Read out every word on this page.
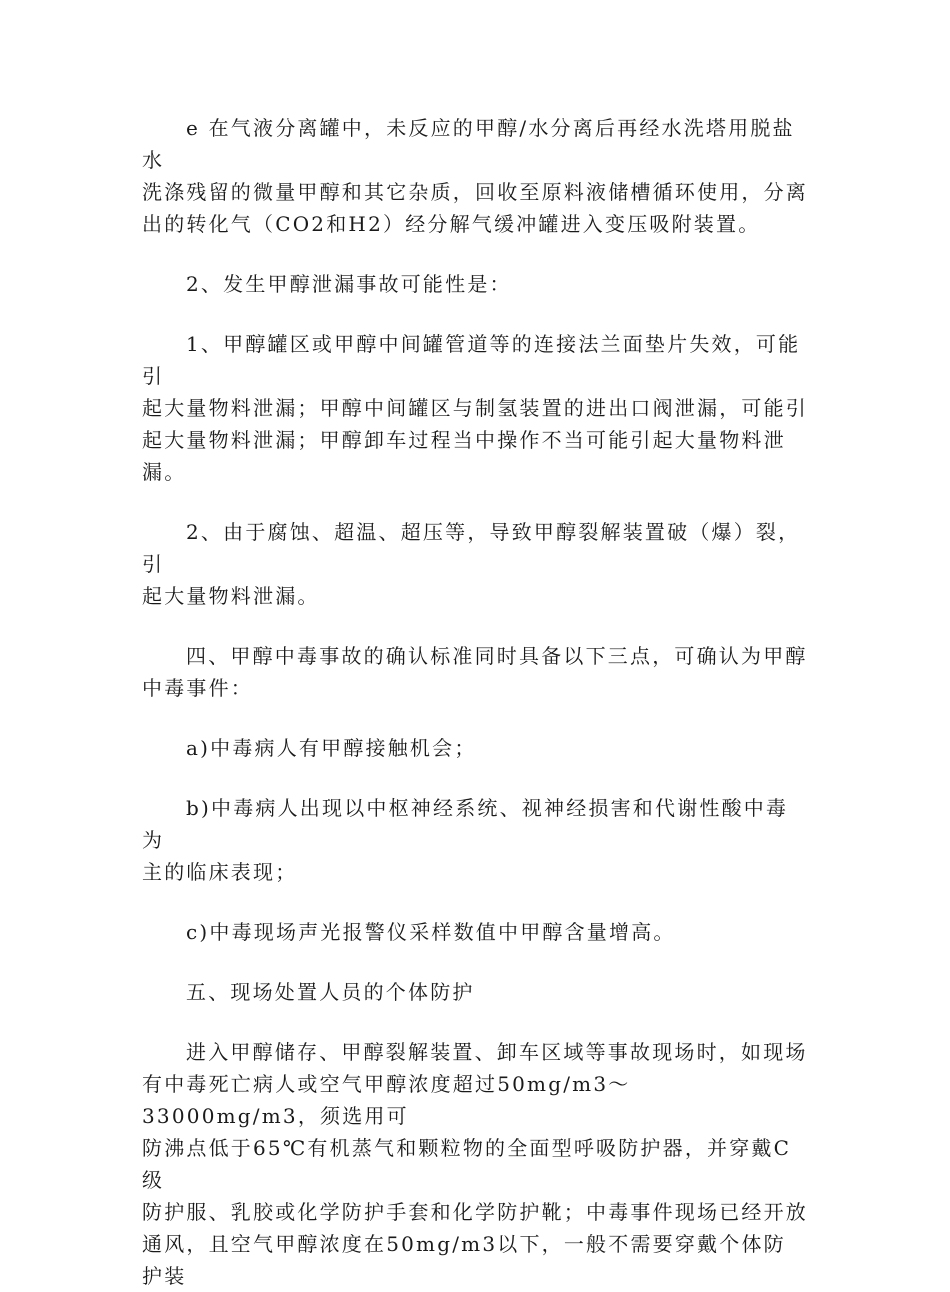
e 在气液分离罐中，未反应的甲醇/水分离后再经水洗塔用脱盐水
洗涤残留的微量甲醇和其它杂质，回收至原料液储槽循环使用，分离
出的转化气（CO2和H2）经分解气缓冲罐进入变压吸附装置。

2、发生甲醇泄漏事故可能性是：

1、甲醇罐区或甲醇中间罐管道等的连接法兰面垫片失效，可能引
起大量物料泄漏；甲醇中间罐区与制氢装置的进出口阀泄漏，可能引
起大量物料泄漏；甲醇卸车过程当中操作不当可能引起大量物料泄
漏。

2、由于腐蚀、超温、超压等，导致甲醇裂解装置破（爆）裂，引
起大量物料泄漏。

四、甲醇中毒事故的确认标准同时具备以下三点，可确认为甲醇
中毒事件：

a)中毒病人有甲醇接触机会；

b)中毒病人出现以中枢神经系统、视神经损害和代谢性酸中毒为
主的临床表现；

c)中毒现场声光报警仪采样数值中甲醇含量增高。

五、现场处置人员的个体防护

进入甲醇储存、甲醇裂解装置、卸车区域等事故现场时，如现场
有中毒死亡病人或空气甲醇浓度超过50mg/m3～33000mg/m3，须选用可
防沸点低于65℃有机蒸气和颗粒物的全面型呼吸防护器，并穿戴C级
防护服、乳胶或化学防护手套和化学防护靴；中毒事件现场已经开放
通风，且空气甲醇浓度在50mg/m3以下，一般不需要穿戴个体防护装
